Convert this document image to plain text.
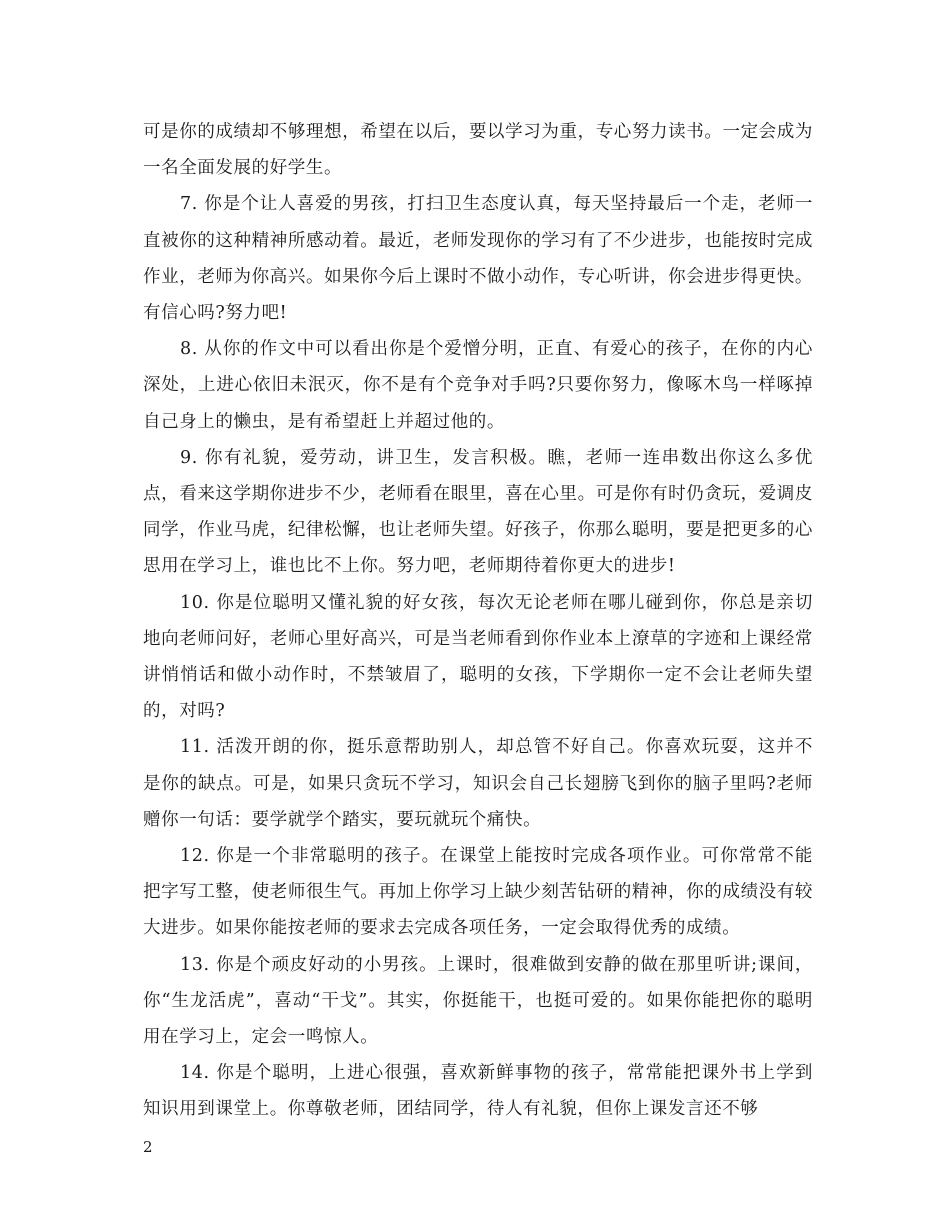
可是你的成绩却不够理想，希望在以后，要以学习为重，专心努力读书。一定会成为一名全面发展的好学生。

7. 你是个让人喜爱的男孩，打扫卫生态度认真，每天坚持最后一个走，老师一直被你的这种精神所感动着。最近，老师发现你的学习有了不少进步，也能按时完成作业，老师为你高兴。如果你今后上课时不做小动作，专心听讲，你会进步得更快。有信心吗?努力吧!

8. 从你的作文中可以看出你是个爱憎分明，正直、有爱心的孩子，在你的内心深处，上进心依旧未泯灭，你不是有个竞争对手吗?只要你努力，像啄木鸟一样啄掉自己身上的懒虫，是有希望赶上并超过他的。

9. 你有礼貌，爱劳动，讲卫生，发言积极。瞧，老师一连串数出你这么多优点，看来这学期你进步不少，老师看在眼里，喜在心里。可是你有时仍贪玩，爱调皮同学，作业马虎，纪律松懈，也让老师失望。好孩子，你那么聪明，要是把更多的心思用在学习上，谁也比不上你。努力吧，老师期待着你更大的进步!

10. 你是位聪明又懂礼貌的好女孩，每次无论老师在哪儿碰到你，你总是亲切地向老师问好，老师心里好高兴，可是当老师看到你作业本上潦草的字迹和上课经常讲悄悄话和做小动作时，不禁皱眉了，聪明的女孩，下学期你一定不会让老师失望的，对吗?

11. 活泼开朗的你，挺乐意帮助别人，却总管不好自己。你喜欢玩耍，这并不是你的缺点。可是，如果只贪玩不学习，知识会自己长翅膀飞到你的脑子里吗?老师赠你一句话：要学就学个踏实，要玩就玩个痛快。

12. 你是一个非常聪明的孩子。在课堂上能按时完成各项作业。可你常常不能把字写工整，使老师很生气。再加上你学习上缺少刻苦钻研的精神，你的成绩没有较大进步。如果你能按老师的要求去完成各项任务，一定会取得优秀的成绩。

13. 你是个顽皮好动的小男孩。上课时，很难做到安静的做在那里听讲;课间，你“生龙活虎”，喜动“干戈”。其实，你挺能干，也挺可爱的。如果你能把你的聪明用在学习上，定会一鸣惊人。

14. 你是个聪明，上进心很强，喜欢新鲜事物的孩子，常常能把课外书上学到知识用到课堂上。你尊敬老师，团结同学，待人有礼貌，但你上课发言还不够

2
